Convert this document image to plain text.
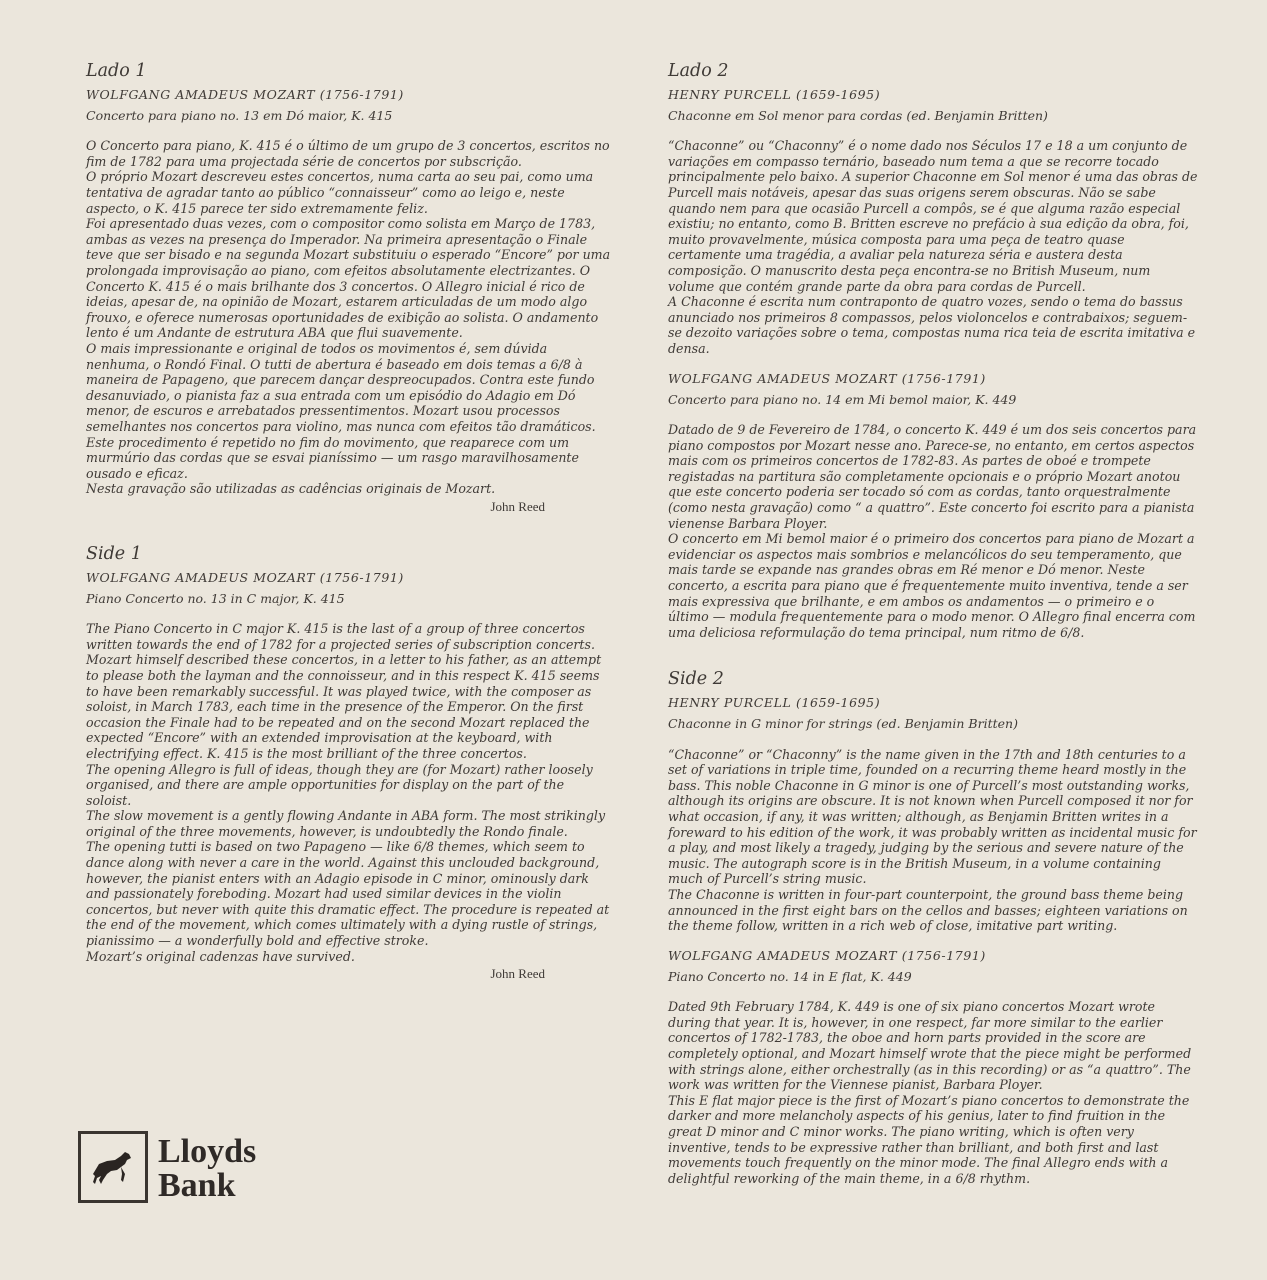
Lado 1
WOLFGANG AMADEUS MOZART (1756-1791)
Concerto para piano no. 13 em Dó maior, K. 415

O Concerto para piano, K. 415 é o último de um grupo de 3 concertos, escritos no fim de 1782 para uma projectada série de concertos por subscrição.

O próprio Mozart descreveu estes concertos, numa carta ao seu pai, como uma tentativa de agradar tanto ao público “connaisseur” como ao leigo e, neste aspecto, o K. 415 parece ter sido extremamente feliz.

Foi apresentado duas vezes, com o compositor como solista em Março de 1783, ambas as vezes na presença do Imperador. Na primeira apresentação o Finale teve que ser bisado e na segunda Mozart substituiu o esperado “Encore” por uma prolongada improvisação ao piano, com efeitos absolutamente electrizantes. O Concerto K. 415 é o mais brilhante dos 3 concertos. O Allegro inicial é rico de ideias, apesar de, na opinião de Mozart, estarem articuladas de um modo algo frouxo, e oferece numerosas oportunidades de exibição ao solista. O andamento lento é um Andante de estrutura ABA que flui suavemente.

O mais impressionante e original de todos os movimentos é, sem dúvida nenhuma, o Rondó Final. O tutti de abertura é baseado em dois temas a 6/8 à maneira de Papageno, que parecem dançar despreocupados. Contra este fundo desanuviado, o pianista faz a sua entrada com um episódio do Adagio em Dó menor, de escuros e arrebatados pressentimentos. Mozart usou processos semelhantes nos concertos para violino, mas nunca com efeitos tão dramáticos. Este procedimento é repetido no fim do movimento, que reaparece com um murmúrio das cordas que se esvai pianíssimo — um rasgo maravilhosamente ousado e eficaz.

Nesta gravação são utilizadas as cadências originais de Mozart.

John Reed
Side 1
WOLFGANG AMADEUS MOZART (1756-1791)
Piano Concerto no. 13 in C major, K. 415

The Piano Concerto in C major K. 415 is the last of a group of three concertos written towards the end of 1782 for a projected series of subscription concerts. Mozart himself described these concertos, in a letter to his father, as an attempt to please both the layman and the connoisseur, and in this respect K. 415 seems to have been remarkably successful. It was played twice, with the composer as soloist, in March 1783, each time in the presence of the Emperor. On the first occasion the Finale had to be repeated and on the second Mozart replaced the expected “Encore” with an extended improvisation at the keyboard, with electrifying effect. K. 415 is the most brilliant of the three concertos.

The opening Allegro is full of ideas, though they are (for Mozart) rather loosely organised, and there are ample opportunities for display on the part of the soloist.

The slow movement is a gently flowing Andante in ABA form. The most strikingly original of the three movements, however, is undoubtedly the Rondo finale.

The opening tutti is based on two Papageno — like 6/8 themes, which seem to dance along with never a care in the world. Against this unclouded background, however, the pianist enters with an Adagio episode in C minor, ominously dark and passionately foreboding. Mozart had used similar devices in the violin concertos, but never with quite this dramatic effect. The procedure is repeated at the end of the movement, which comes ultimately with a dying rustle of strings, pianissimo — a wonderfully bold and effective stroke.

Mozart’s original cadenzas have survived.

John Reed
Lloyds
Bank
Lado 2
HENRY PURCELL (1659-1695)
Chaconne em Sol menor para cordas (ed. Benjamin Britten)

“Chaconne” ou “Chaconny” é o nome dado nos Séculos 17 e 18 a um conjunto de variações em compasso ternário, baseado num tema a que se recorre tocado principalmente pelo baixo. A superior Chaconne em Sol menor é uma das obras de Purcell mais notáveis, apesar das suas origens serem obscuras. Não se sabe quando nem para que ocasião Purcell a compôs, se é que alguma razão especial existiu; no entanto, como B. Britten escreve no prefácio à sua edição da obra, foi, muito provavelmente, música composta para uma peça de teatro quase certamente uma tragédia, a avaliar pela natureza séria e austera desta composição. O manuscrito desta peça encontra-se no British Museum, num volume que contém grande parte da obra para cordas de Purcell.

A Chaconne é escrita num contraponto de quatro vozes, sendo o tema do bassus anunciado nos primeiros 8 compassos, pelos violoncelos e contrabaixos; seguem-se dezoito variações sobre o tema, compostas numa rica teia de escrita imitativa e densa.

WOLFGANG AMADEUS MOZART (1756-1791)
Concerto para piano no. 14 em Mi bemol maior, K. 449

Datado de 9 de Fevereiro de 1784, o concerto K. 449 é um dos seis concertos para piano compostos por Mozart nesse ano. Parece-se, no entanto, em certos aspectos mais com os primeiros concertos de 1782-83. As partes de oboé e trompete registadas na partitura são completamente opcionais e o próprio Mozart anotou que este concerto poderia ser tocado só com as cordas, tanto orquestralmente (como nesta gravação) como “ a quattro”. Este concerto foi escrito para a pianista vienense Barbara Ployer.

O concerto em Mi bemol maior é o primeiro dos concertos para piano de Mozart a evidenciar os aspectos mais sombrios e melancólicos do seu temperamento, que mais tarde se expande nas grandes obras em Ré menor e Dó menor. Neste concerto, a escrita para piano que é frequentemente muito inventiva, tende a ser mais expressiva que brilhante, e em ambos os andamentos — o primeiro e o último — modula frequentemente para o modo menor. O Allegro final encerra com uma deliciosa reformulação do tema principal, num ritmo de 6/8.

Side 2
HENRY PURCELL (1659-1695)
Chaconne in G minor for strings (ed. Benjamin Britten)

“Chaconne” or “Chaconny” is the name given in the 17th and 18th centuries to a set of variations in triple time, founded on a recurring theme heard mostly in the bass. This noble Chaconne in G minor is one of Purcell’s most outstanding works, although its origins are obscure. It is not known when Purcell composed it nor for what occasion, if any, it was written; although, as Benjamin Britten writes in a foreward to his edition of the work, it was probably written as incidental music for a play, and most likely a tragedy, judging by the serious and severe nature of the music. The autograph score is in the British Museum, in a volume containing much of Purcell’s string music.

The Chaconne is written in four-part counterpoint, the ground bass theme being announced in the first eight bars on the cellos and basses; eighteen variations on the theme follow, written in a rich web of close, imitative part writing.

WOLFGANG AMADEUS MOZART (1756-1791)
Piano Concerto no. 14 in E flat, K. 449

Dated 9th February 1784, K. 449 is one of six piano concertos Mozart wrote during that year. It is, however, in one respect, far more similar to the earlier concertos of 1782-1783, the oboe and horn parts provided in the score are completely optional, and Mozart himself wrote that the piece might be performed with strings alone, either orchestrally (as in this recording) or as “a quattro”. The work was written for the Viennese pianist, Barbara Ployer.

This E flat major piece is the first of Mozart’s piano concertos to demonstrate the darker and more melancholy aspects of his genius, later to find fruition in the great D minor and C minor works. The piano writing, which is often very inventive, tends to be expressive rather than brilliant, and both first and last movements touch frequently on the minor mode. The final Allegro ends with a delightful reworking of the main theme, in a 6/8 rhythm.
